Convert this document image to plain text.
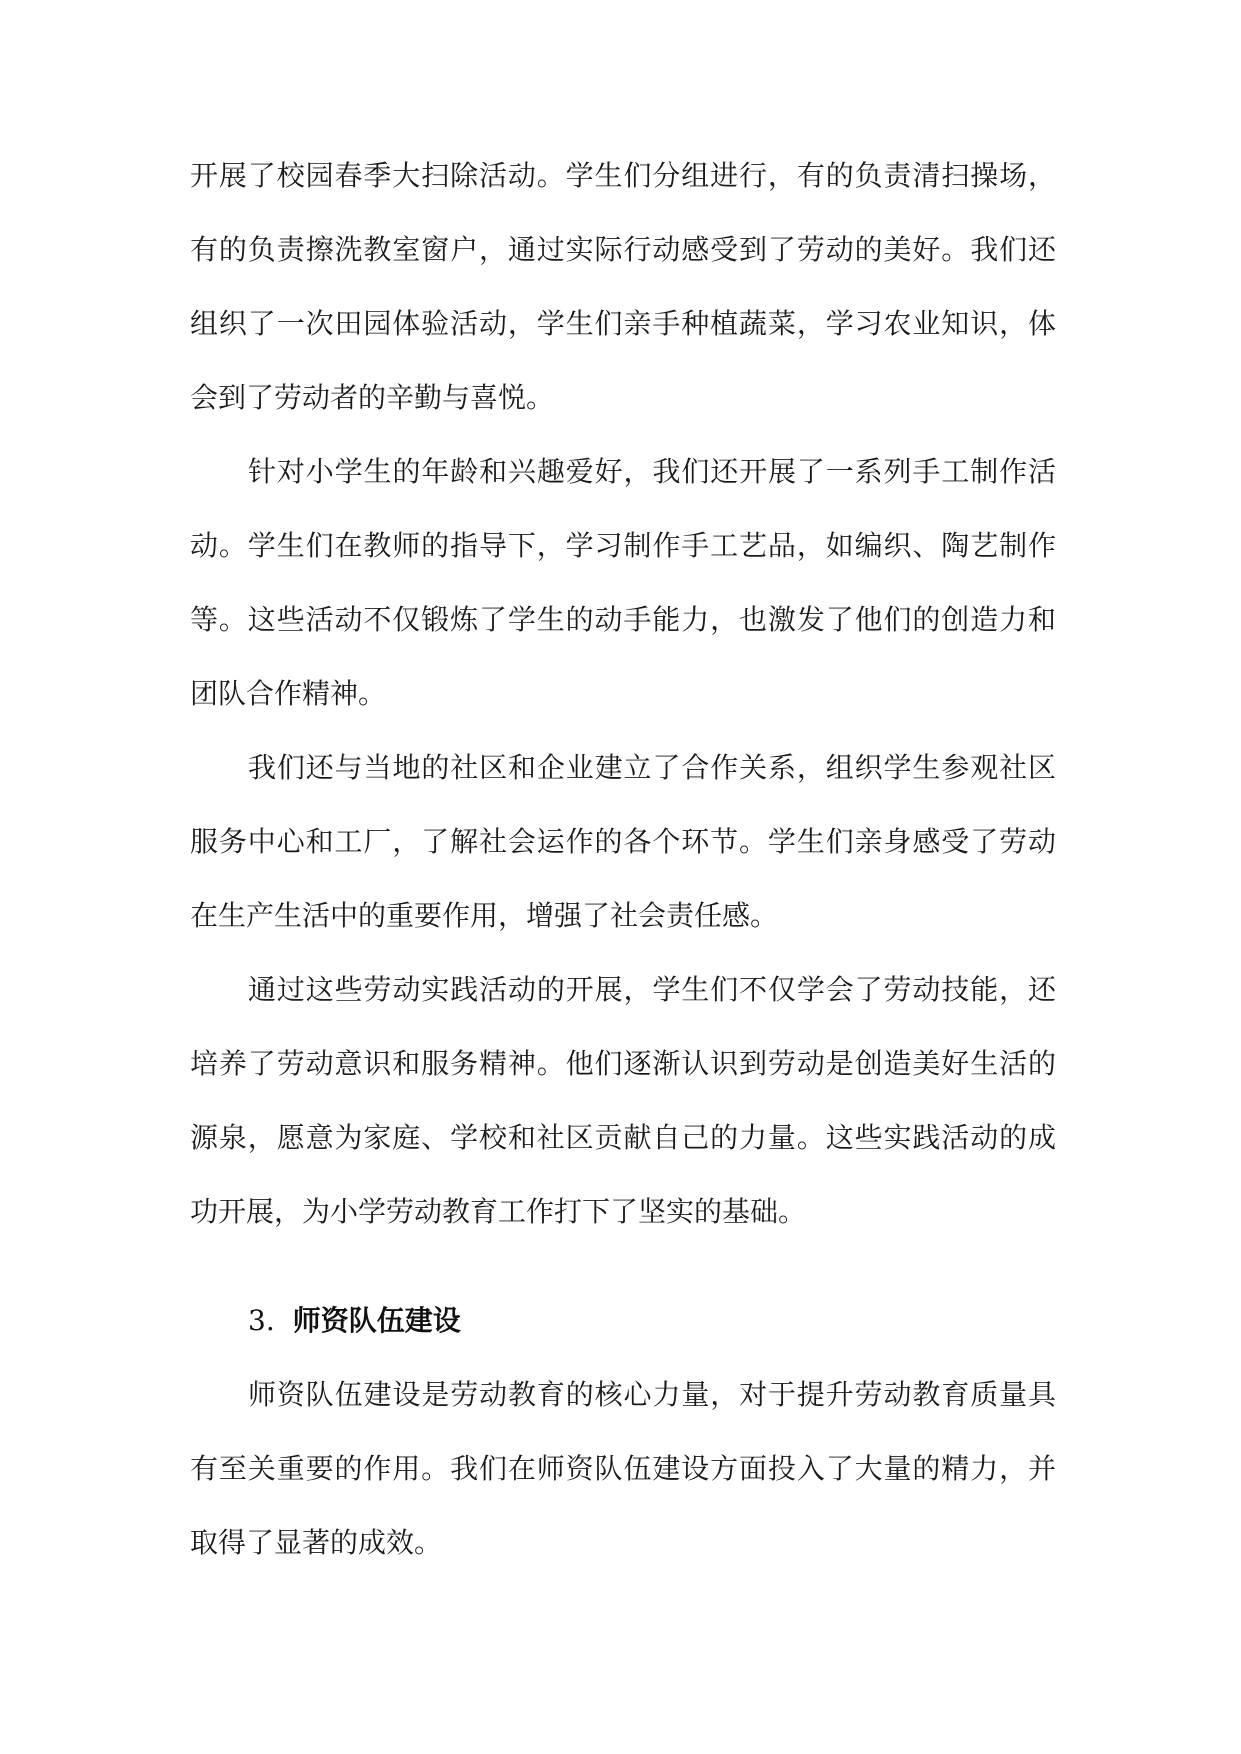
开展了校园春季大扫除活动。学生们分组进行，有的负责清扫操场，有的负责擦洗教室窗户，通过实际行动感受到了劳动的美好。我们还组织了一次田园体验活动，学生们亲手种植蔬菜，学习农业知识，体会到了劳动者的辛勤与喜悦。

针对小学生的年龄和兴趣爱好，我们还开展了一系列手工制作活动。学生们在教师的指导下，学习制作手工艺品，如编织、陶艺制作等。这些活动不仅锻炼了学生的动手能力，也激发了他们的创造力和团队合作精神。

我们还与当地的社区和企业建立了合作关系，组织学生参观社区服务中心和工厂，了解社会运作的各个环节。学生们亲身感受了劳动在生产生活中的重要作用，增强了社会责任感。

通过这些劳动实践活动的开展，学生们不仅学会了劳动技能，还培养了劳动意识和服务精神。他们逐渐认识到劳动是创造美好生活的源泉，愿意为家庭、学校和社区贡献自己的力量。这些实践活动的成功开展，为小学劳动教育工作打下了坚实的基础。

3. 师资队伍建设

师资队伍建设是劳动教育的核心力量，对于提升劳动教育质量具有至关重要的作用。我们在师资队伍建设方面投入了大量的精力，并取得了显著的成效。
